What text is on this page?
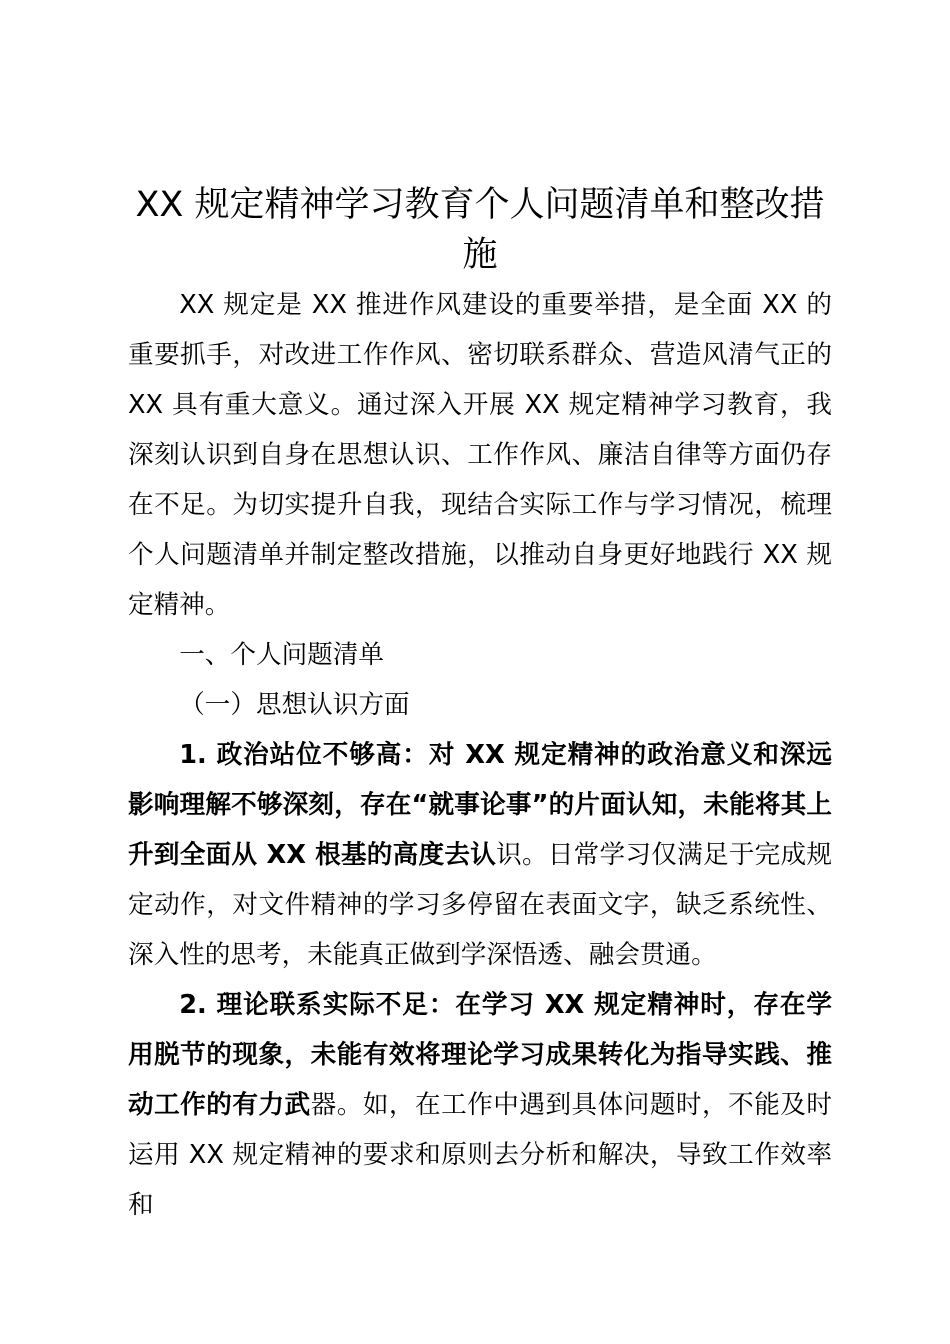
XX 规定精神学习教育个人问题清单和整改措施

XX 规定是 XX 推进作风建设的重要举措，是全面 XX 的重要抓手，对改进工作作风、密切联系群众、营造风清气正的 XX 具有重大意义。通过深入开展 XX 规定精神学习教育，我深刻认识到自身在思想认识、工作作风、廉洁自律等方面仍存在不足。为切实提升自我，现结合实际工作与学习情况，梳理个人问题清单并制定整改措施，以推动自身更好地践行 XX 规定精神。

一、个人问题清单

（一）思想认识方面

1. 政治站位不够高：对 XX 规定精神的政治意义和深远影响理解不够深刻，存在“就事论事”的片面认知，未能将其上升到全面从 XX 根基的高度去认识。日常学习仅满足于完成规定动作，对文件精神的学习多停留在表面文字，缺乏系统性、深入性的思考，未能真正做到学深悟透、融会贯通。

2. 理论联系实际不足：在学习 XX 规定精神时，存在学用脱节的现象，未能有效将理论学习成果转化为指导实践、推动工作的有力武器。如，在工作中遇到具体问题时，不能及时运用 XX 规定精神的要求和原则去分析和解决，导致工作效率和
